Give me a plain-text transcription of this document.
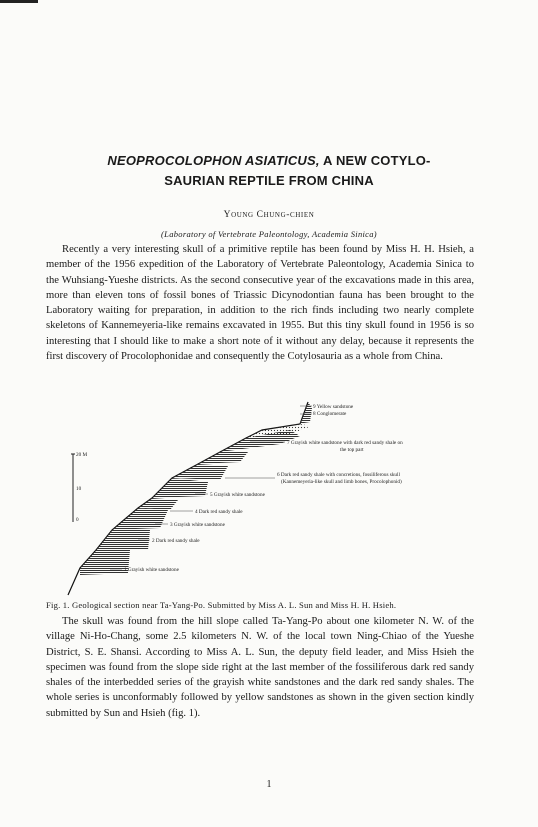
NEOPROCOLOPHON ASIATICUS, A NEW COTYLO-
SAURIAN REPTILE FROM CHINA
Young Chung-chien
(Laboratory of Vertebrate Paleontology, Academia Sinica)

Recently a very interesting skull of a primitive reptile has been found by Miss H. H. Hsieh, a member of the 1956 expedition of the Laboratory of Vertebrate Paleontology, Academia Sinica to the Wuhsiang-Yueshe districts. As the second consecutive year of the excavations made in this area, more than eleven tons of fossil bones of Triassic Dicynodontian fauna has been brought to the Laboratory waiting for preparation, in addition to the rich finds including two nearly complete skeletons of Kannemeyeria-like remains excavated in 1955. But this tiny skull found in 1956 is so interesting that I should like to make a short note of it without any delay, because it represents the first discovery of Procolophonidae and consequently the Cotylosauria as a whole from China.

20 M
10
0
9 Yellow sandstone
8 Conglomerate
7 Grayish white sandstone with dark red sandy shale on
the top part
6 Dark red sandy shale with concretions, fossiliferous skull
(Kannemeyeria-like skull and limb bones, Procolophonid)
5 Grayish white sandstone
4 Dark red sandy shale
3 Grayish white sandstone
2 Dark red sandy shale
1 Grayish white sandstone
Fig. 1. Geological section near Ta-Yang-Po. Submitted by Miss A. L. Sun and Miss H. H. Hsieh.

The skull was found from the hill slope called Ta-Yang-Po about one kilometer N. W. of the village Ni-Ho-Chang, some 2.5 kilometers N. W. of the local town Ning-Chiao of the Yueshe District, S. E. Shansi. According to Miss A. L. Sun, the deputy field leader, and Miss Hsieh the specimen was found from the slope side right at the last member of the fossiliferous dark red sandy shales of the interbedded series of the grayish white sandstones and the dark red sandy shales. The whole series is unconformably followed by yellow sandstones as shown in the given section kindly submitted by Sun and Hsieh (fig. 1).

1
